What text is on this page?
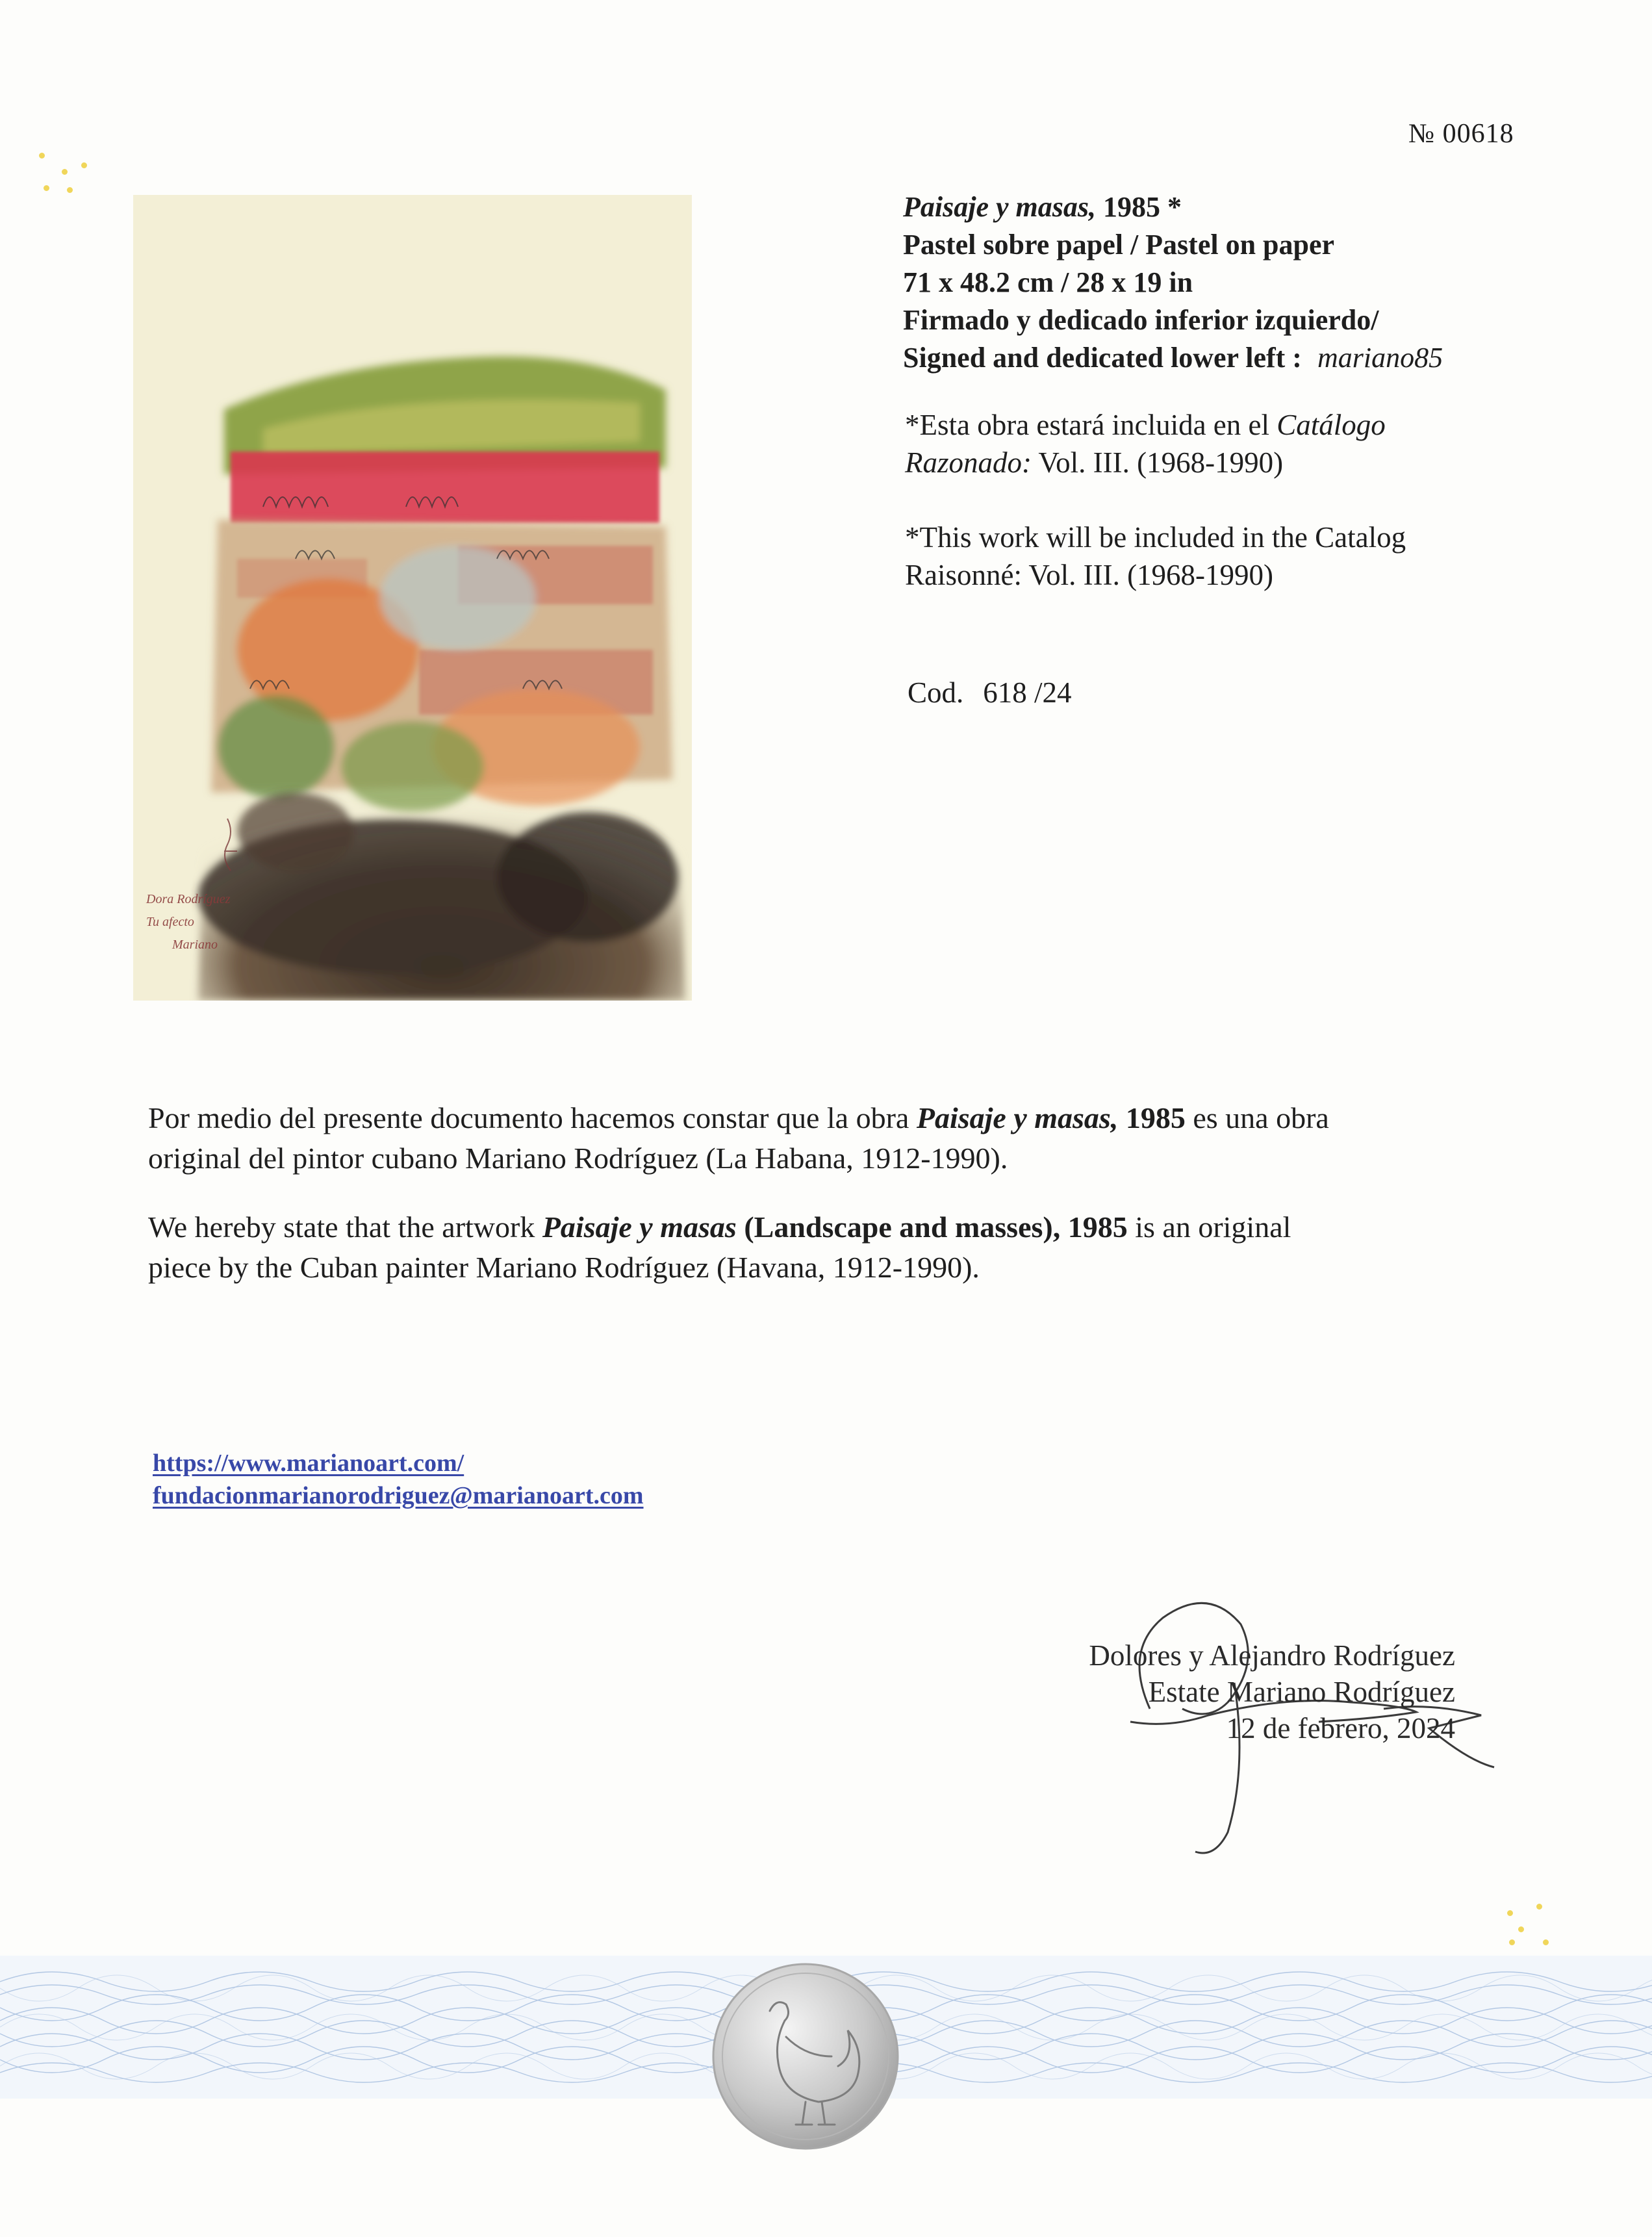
№ 00618
Dora Rodríguez
Tu afecto
Mariano
Paisaje y masas, 1985 *
Pastel sobre papel / Pastel on paper
71 x 48.2 cm / 28 x 19 in
Firmado y dedicado inferior izquierdo/
Signed and dedicated lower left : mariano85
*Esta obra estará incluida en el Catálogo
Razonado: Vol. III. (1968-1990)
*This work will be included in the Catalog
Raisonné: Vol. III. (1968-1990)
Cod. 618 /24
Por medio del presente documento hacemos constar que la obra Paisaje y masas, 1985 es una obra
original del pintor cubano Mariano Rodríguez (La Habana, 1912-1990).
We hereby state that the artwork Paisaje y masas (Landscape and masses), 1985 is an original
piece by the Cuban painter Mariano Rodríguez (Havana, 1912-1990).
https://www.marianoart.com/
fundacionmarianorodriguez@marianoart.com
Dolores y Alejandro Rodríguez
Estate Mariano Rodríguez
12 de febrero, 2024
